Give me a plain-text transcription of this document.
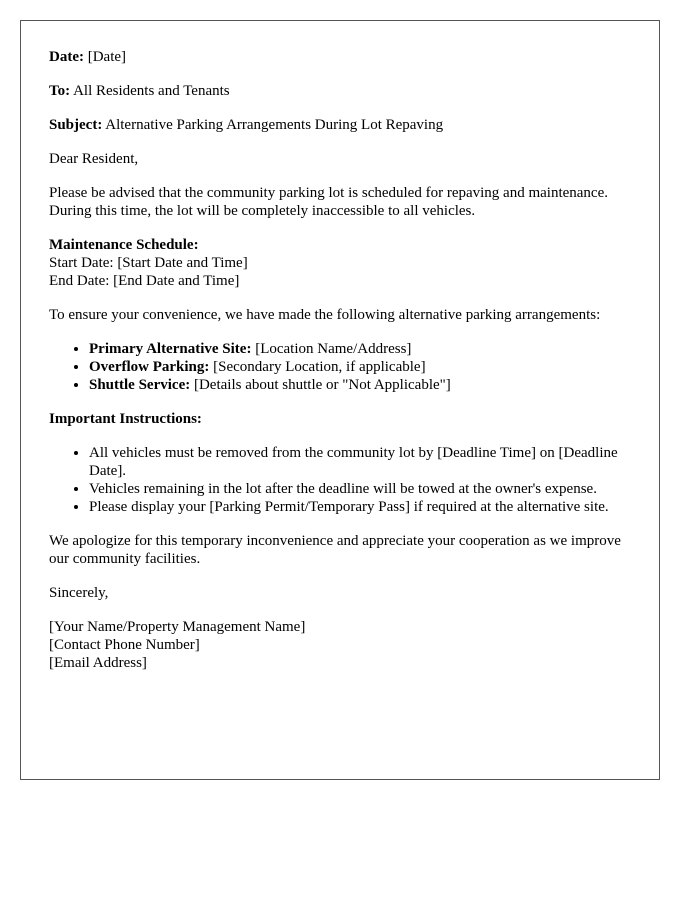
Date: [Date]

To: All Residents and Tenants

Subject: Alternative Parking Arrangements During Lot Repaving

Dear Resident,

Please be advised that the community parking lot is scheduled for repaving and maintenance. During this time, the lot will be completely inaccessible to all vehicles.

Maintenance Schedule:
Start Date: [Start Date and Time]
End Date: [End Date and Time]

To ensure your convenience, we have made the following alternative parking arrangements:

• Primary Alternative Site: [Location Name/Address]
• Overflow Parking: [Secondary Location, if applicable]
• Shuttle Service: [Details about shuttle or "Not Applicable"]

Important Instructions:

• All vehicles must be removed from the community lot by [Deadline Time] on [Deadline Date].
• Vehicles remaining in the lot after the deadline will be towed at the owner's expense.
• Please display your [Parking Permit/Temporary Pass] if required at the alternative site.

We apologize for this temporary inconvenience and appreciate your cooperation as we improve our community facilities.

Sincerely,

[Your Name/Property Management Name]
[Contact Phone Number]
[Email Address]
